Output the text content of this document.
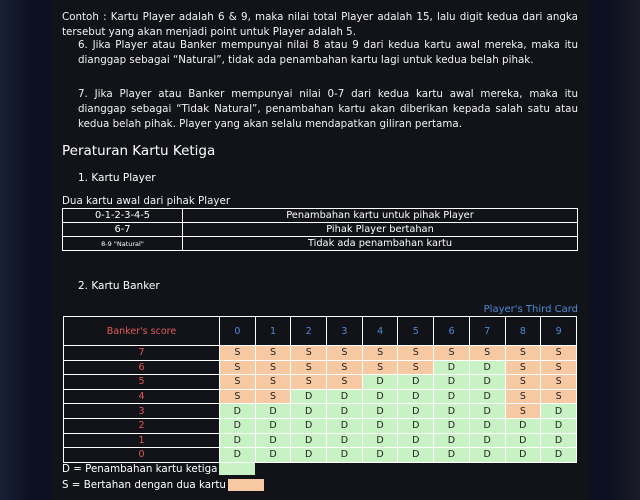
Contoh : Kartu Player adalah 6 & 9, maka nilai total Player adalah 15, lalu digit kedua dari angka tersebut yang akan menjadi point untuk Player adalah 5.
6. Jika Player atau Banker mempunyai nilai 8 atau 9 dari kedua kartu awal mereka, maka itu dianggap sebagai “Natural”, tidak ada penambahan kartu lagi untuk kedua belah pihak.
7. Jika Player atau Banker mempunyai nilai 0-7 dari kedua kartu awal mereka, maka itu dianggap sebagai “Tidak Natural”, penambahan kartu akan diberikan kepada salah satu atau kedua belah pihak. Player yang akan selalu mendapatkan giliran pertama.
Peraturan Kartu Ketiga
1. Kartu Player
Dua kartu awal dari pihak Player
0-1-2-3-4-5	Penambahan kartu untuk pihak Player
6-7	Pihak Player bertahan
8-9 "Natural"	Tidak ada penambahan kartu
2. Kartu Banker
Player's Third Card
Banker's score	0	1	2	3	4	5	6	7	8	9
7	S	S	S	S	S	S	S	S	S	S
6	S	S	S	S	S	S	D	D	S	S
5	S	S	S	S	D	D	D	D	S	S
4	S	S	D	D	D	D	D	D	S	S
3	D	D	D	D	D	D	D	D	S	D
2	D	D	D	D	D	D	D	D	D	D
1	D	D	D	D	D	D	D	D	D	D
0	D	D	D	D	D	D	D	D	D	D
D = Penambahan kartu ketiga
S = Bertahan dengan dua kartu
